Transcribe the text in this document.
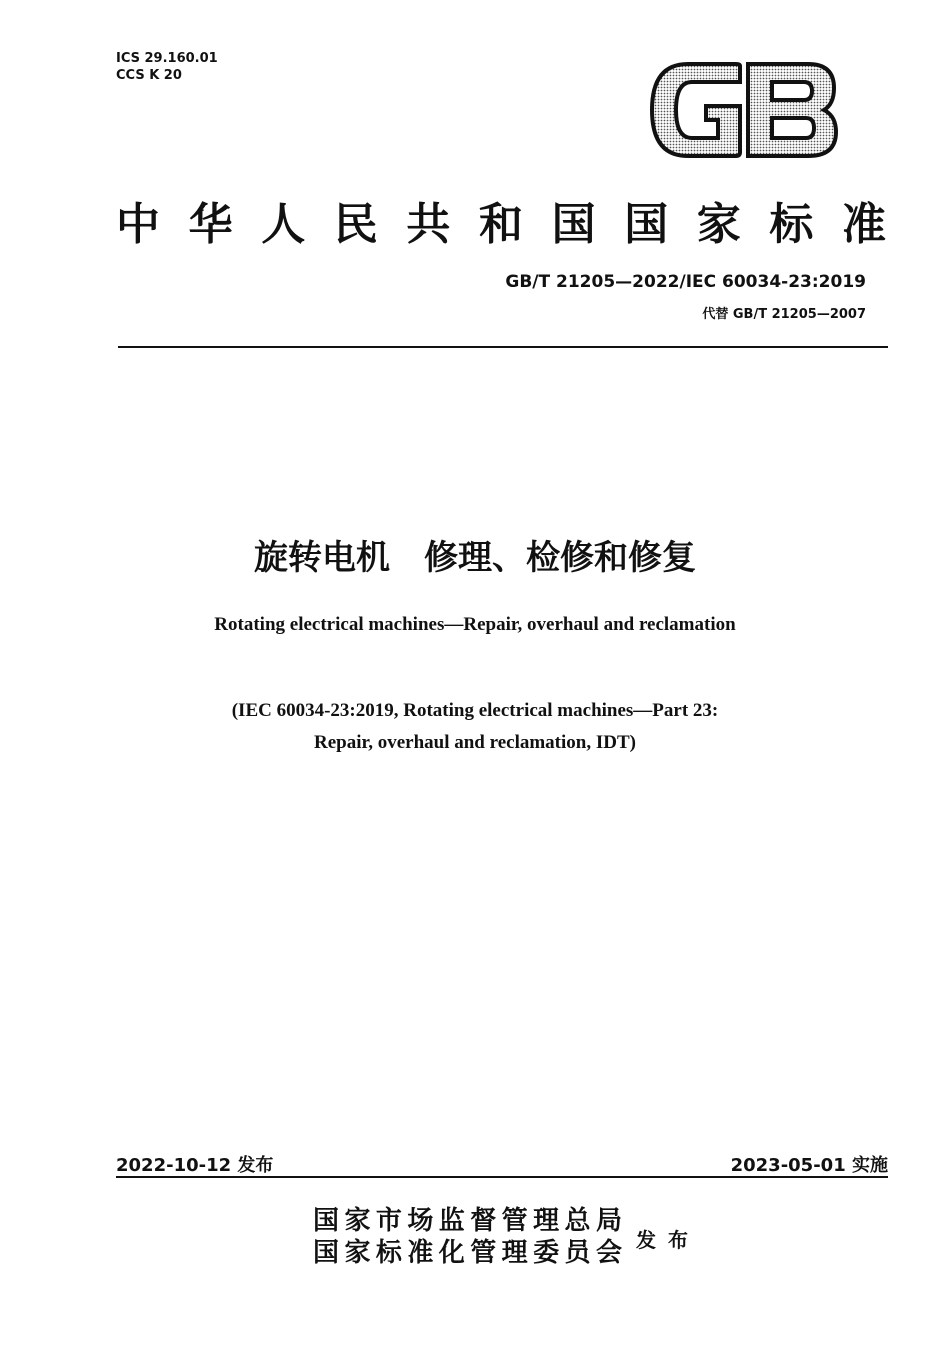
ICS 29.160.01
CCS K 20
中华人民共和国国家标准
GB/T 21205—2022/IEC 60034-23:2019
代替 GB/T 21205—2007
旋转电机　修理、检修和修复
Rotating electrical machines—Repair, overhaul and reclamation
(IEC 60034-23:2019, Rotating electrical machines—Part 23:
Repair, overhaul and reclamation, IDT)
2022-10-12 发布	2023-05-01 实施
国家市场监督管理总局
国家标准化管理委员会 发布
